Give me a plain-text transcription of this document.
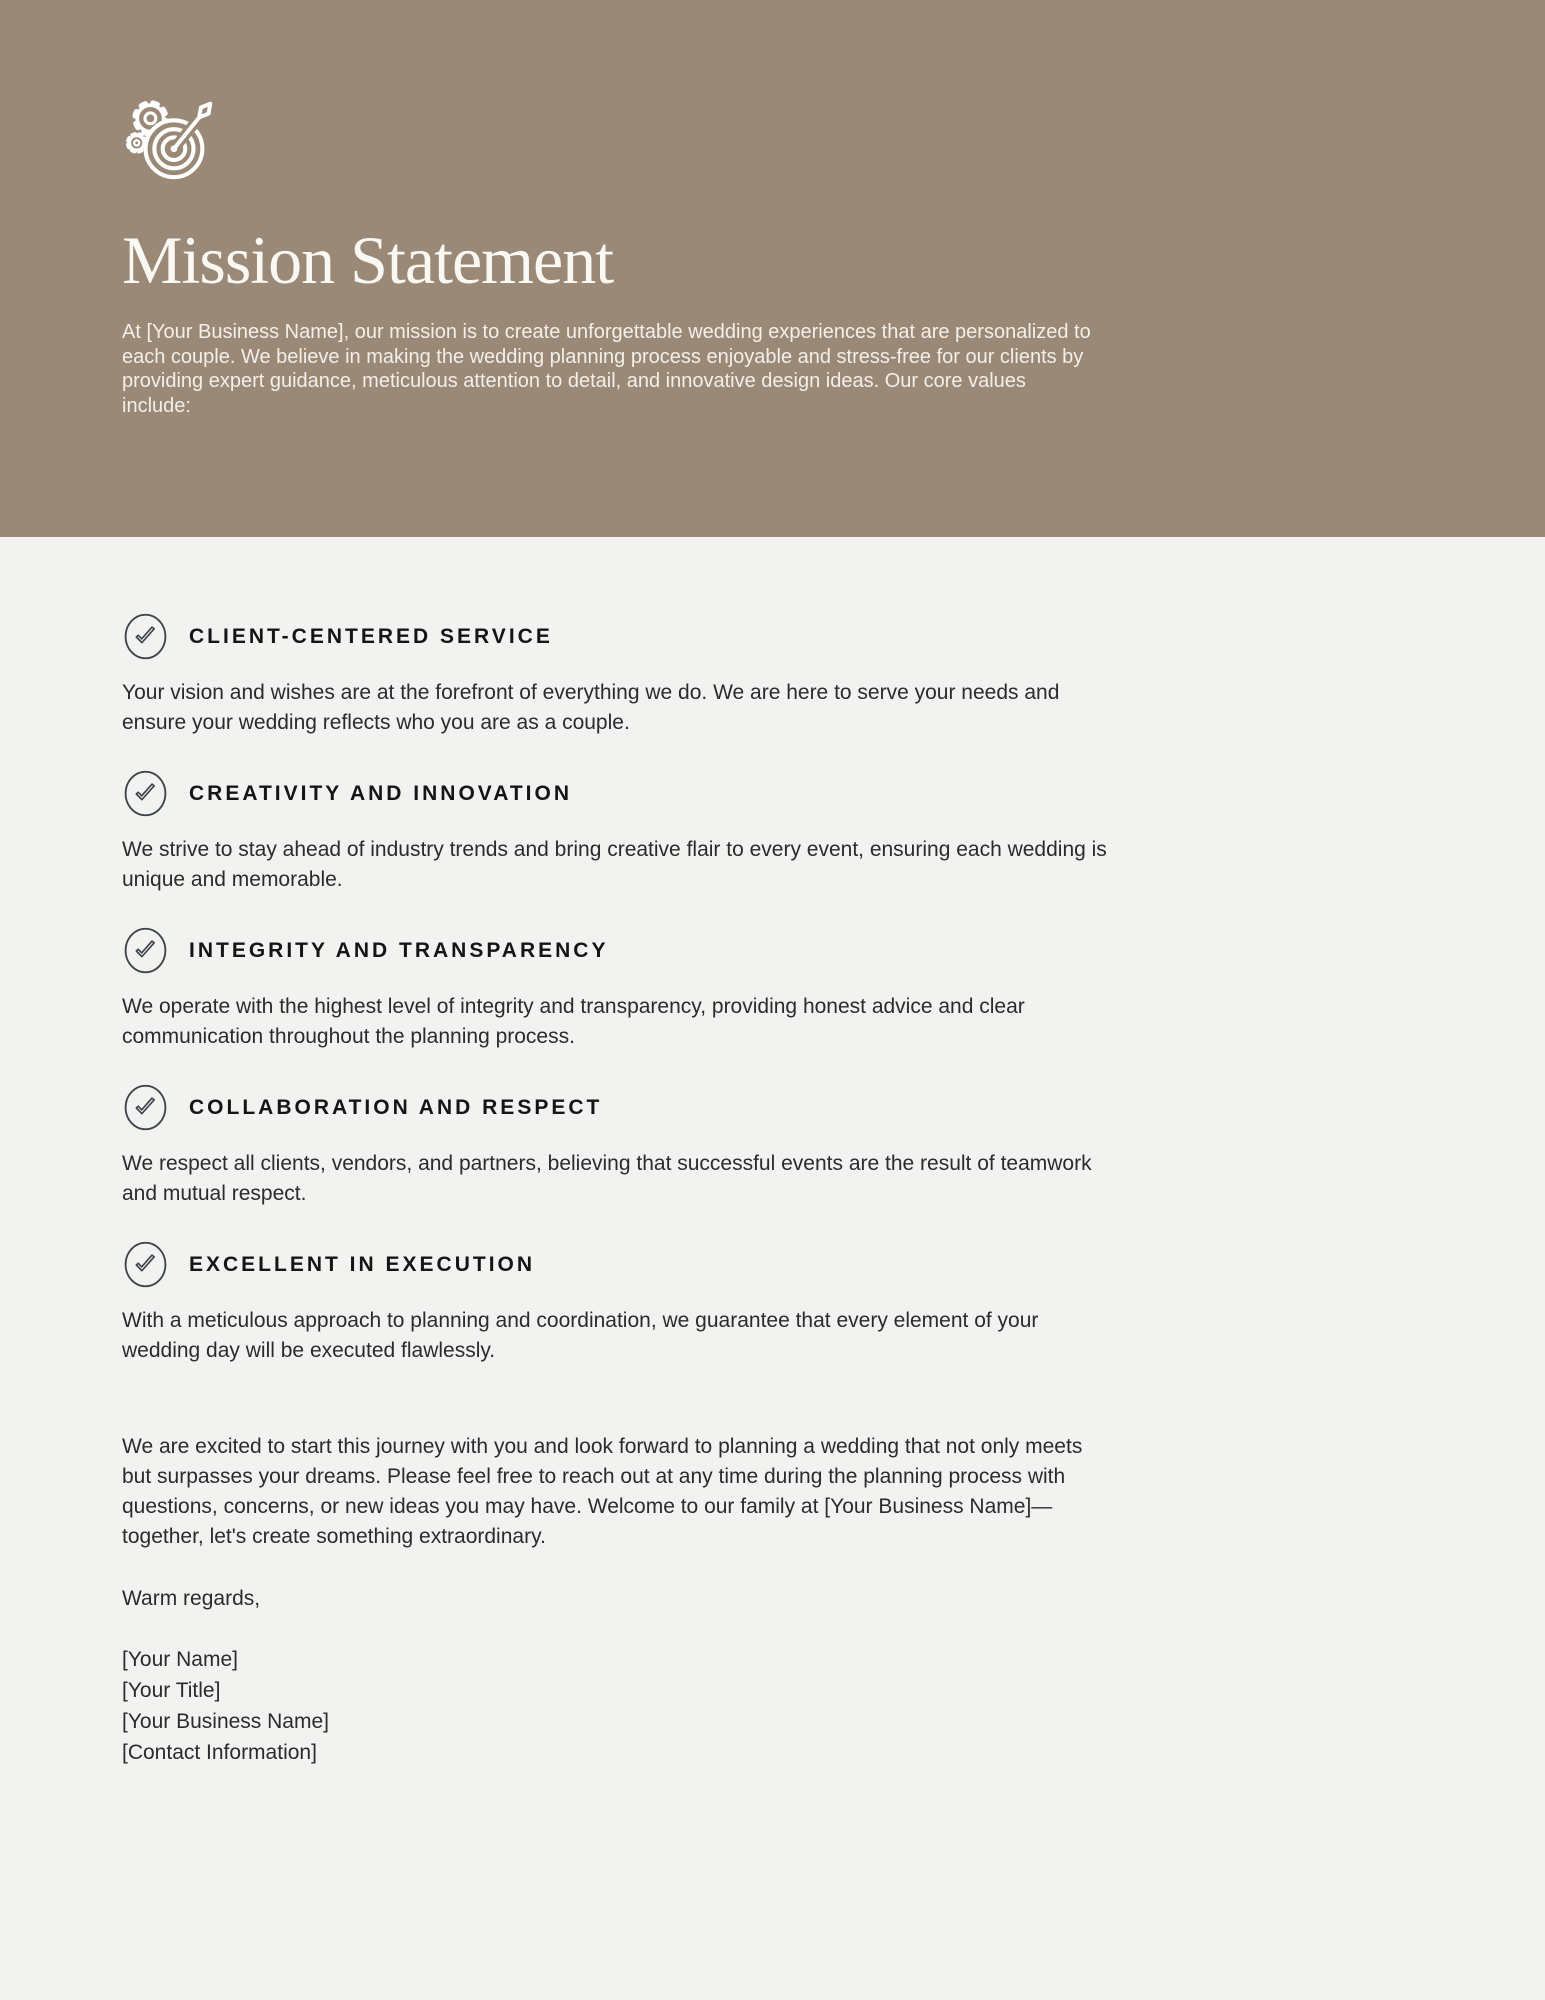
Mission Statement

At [Your Business Name], our mission is to create unforgettable wedding experiences that are personalized to each couple. We believe in making the wedding planning process enjoyable and stress-free for our clients by providing expert guidance, meticulous attention to detail, and innovative design ideas. Our core values include:

CLIENT-CENTERED SERVICE

Your vision and wishes are at the forefront of everything we do. We are here to serve your needs and ensure your wedding reflects who you are as a couple.

CREATIVITY AND INNOVATION

We strive to stay ahead of industry trends and bring creative flair to every event, ensuring each wedding is unique and memorable.

INTEGRITY AND TRANSPARENCY

We operate with the highest level of integrity and transparency, providing honest advice and clear communication throughout the planning process.

COLLABORATION AND RESPECT

We respect all clients, vendors, and partners, believing that successful events are the result of teamwork and mutual respect.

EXCELLENT IN EXECUTION

With a meticulous approach to planning and coordination, we guarantee that every element of your wedding day will be executed flawlessly.

We are excited to start this journey with you and look forward to planning a wedding that not only meets but surpasses your dreams. Please feel free to reach out at any time during the planning process with questions, concerns, or new ideas you may have. Welcome to our family at [Your Business Name]—together, let's create something extraordinary.

Warm regards,

[Your Name]

[Your Title]

[Your Business Name]

[Contact Information]
